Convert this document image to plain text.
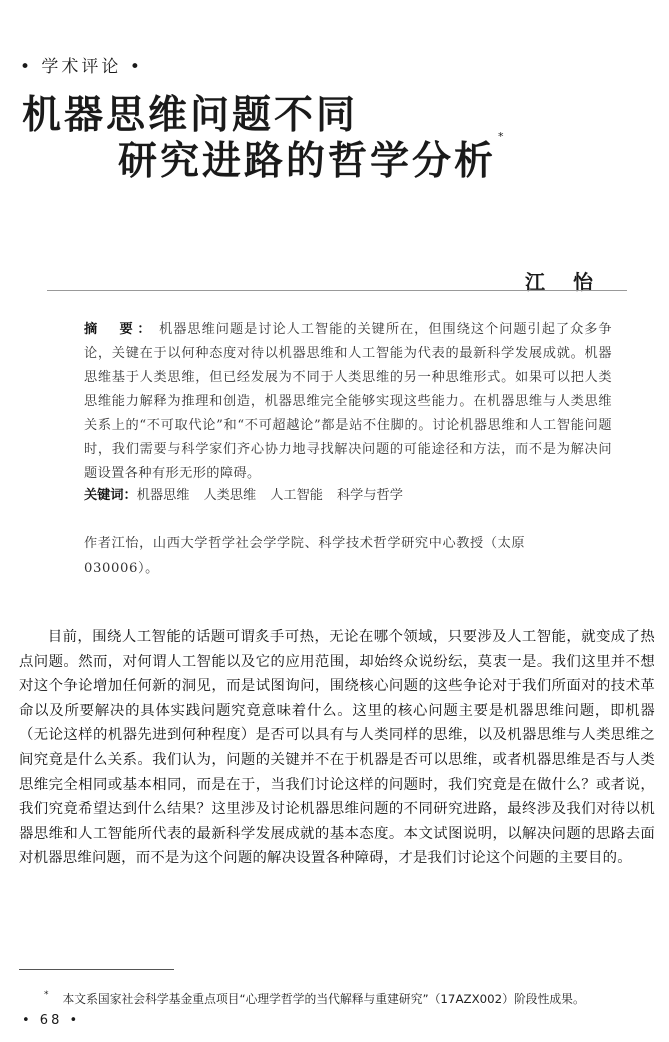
• 学术评论 •
机器思维问题不同
研究进路的哲学分析*
江怡
摘　要： 机器思维问题是讨论人工智能的关键所在，但围绕这个问题引起了众多争论，关键在于以何种态度对待以机器思维和人工智能为代表的最新科学发展成就。机器思维基于人类思维，但已经发展为不同于人类思维的另一种思维形式。如果可以把人类思维能力解释为推理和创造，机器思维完全能够实现这些能力。在机器思维与人类思维关系上的“不可取代论”和“不可超越论”都是站不住脚的。讨论机器思维和人工智能问题时，我们需要与科学家们齐心协力地寻找解决问题的可能途径和方法，而不是为解决问题设置各种有形无形的障碍。
关键词：机器思维 人类思维 人工智能 科学与哲学
作者江怡，山西大学哲学社会学学院、科学技术哲学研究中心教授（太原 030006）。
目前，围绕人工智能的话题可谓炙手可热，无论在哪个领域，只要涉及人工智能，就变成了热点问题。然而，对何谓人工智能以及它的应用范围，却始终众说纷纭，莫衷一是。我们这里并不想对这个争论增加任何新的洞见，而是试图询问，围绕核心问题的这些争论对于我们所面对的技术革命以及所要解决的具体实践问题究竟意味着什么。这里的核心问题主要是机器思维问题，即机器（无论这样的机器先进到何种程度）是否可以具有与人类同样的思维，以及机器思维与人类思维之间究竟是什么关系。我们认为，问题的关键并不在于机器是否可以思维，或者机器思维是否与人类思维完全相同或基本相同，而是在于，当我们讨论这样的问题时，我们究竟是在做什么？或者说，我们究竟希望达到什么结果？这里涉及讨论机器思维问题的不同研究进路，最终涉及我们对待以机器思维和人工智能所代表的最新科学发展成就的基本态度。本文试图说明，以解决问题的思路去面对机器思维问题，而不是为这个问题的解决设置各种障碍，才是我们讨论这个问题的主要目的。
* 本文系国家社会科学基金重点项目“心理学哲学的当代解释与重建研究”（17AZX002）阶段性成果。
• 68 •
